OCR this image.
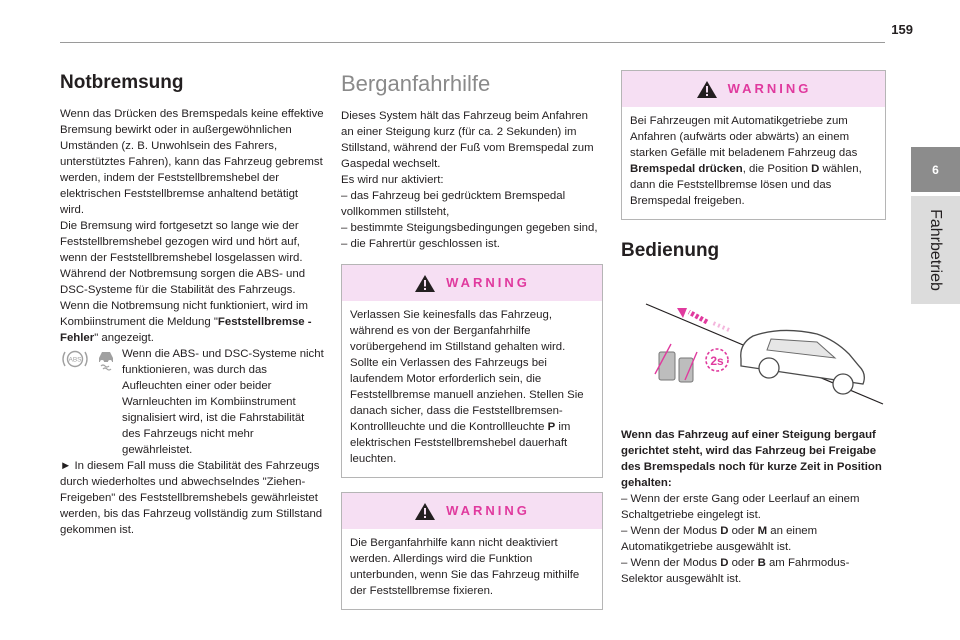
159
6
Fahrbetrieb
Notbremsung

Wenn das Drücken des Bremspedals keine effektive Bremsung bewirkt oder in außergewöhnlichen Umständen (z. B. Unwohlsein des Fahrers, unterstütztes Fahren), kann das Fahrzeug gebremst werden, indem der Feststellbremshebel der elektrischen Feststellbremse anhaltend betätigt wird.

Die Bremsung wird fortgesetzt so lange wie der Feststellbremshebel gezogen wird und hört auf, wenn der Feststellbremshebel losgelassen wird.

Während der Notbremsung sorgen die ABS- und DSC-Systeme für die Stabilität des Fahrzeugs.

Wenn die Notbremsung nicht funktioniert, wird im Kombiinstrument die Meldung "Feststellbremse - Fehler" angezeigt.

ABS	Wenn die ABS- und DSC-Systeme nicht funktionieren, was durch das Aufleuchten einer oder beider Warnleuchten im Kombiinstrument signalisiert wird, ist die Fahrstabilität des Fahrzeugs nicht mehr gewährleistet.

► In diesem Fall muss die Stabilität des Fahrzeugs durch wiederholtes und abwechselndes "Ziehen-Freigeben" des Feststellbremshebels gewährleistet werden, bis das Fahrzeug vollständig zum Stillstand gekommen ist.

Berganfahrhilfe

Dieses System hält das Fahrzeug beim Anfahren an einer Steigung kurz (für ca. 2 Sekunden) im Stillstand, während der Fuß vom Bremspedal zum Gaspedal wechselt.

Es wird nur aktiviert:

– das Fahrzeug bei gedrücktem Bremspedal vollkommen stillsteht,

– bestimmte Steigungsbedingungen gegeben sind,

– die Fahrertür geschlossen ist.

WARNING

Verlassen Sie keinesfalls das Fahrzeug, während es von der Berganfahrhilfe vorübergehend im Stillstand gehalten wird.

Sollte ein Verlassen des Fahrzeugs bei laufendem Motor erforderlich sein, die Feststellbremse manuell anziehen. Stellen Sie danach sicher, dass die Feststellbremsen-Kontrollleuchte und die Kontrollleuchte P im elektrischen Feststellbremshebel dauerhaft leuchten.

WARNING

Die Berganfahrhilfe kann nicht deaktiviert werden. Allerdings wird die Funktion unterbunden, wenn Sie das Fahrzeug mithilfe der Feststellbremse fixieren.

WARNING

Bei Fahrzeugen mit Automatikgetriebe zum Anfahren (aufwärts oder abwärts) an einem starken Gefälle mit beladenem Fahrzeug das Bremspedal drücken, die Position D wählen, dann die Feststellbremse lösen und das Bremspedal freigeben.

Bedienung
2s

Wenn das Fahrzeug auf einer Steigung bergauf gerichtet steht, wird das Fahrzeug bei Freigabe des Bremspedals noch für kurze Zeit in Position gehalten:

– Wenn der erste Gang oder Leerlauf an einem Schaltgetriebe eingelegt ist.

– Wenn der Modus D oder M an einem Automatikgetriebe ausgewählt ist.

– Wenn der Modus D oder B am Fahrmodus-Selektor ausgewählt ist.
